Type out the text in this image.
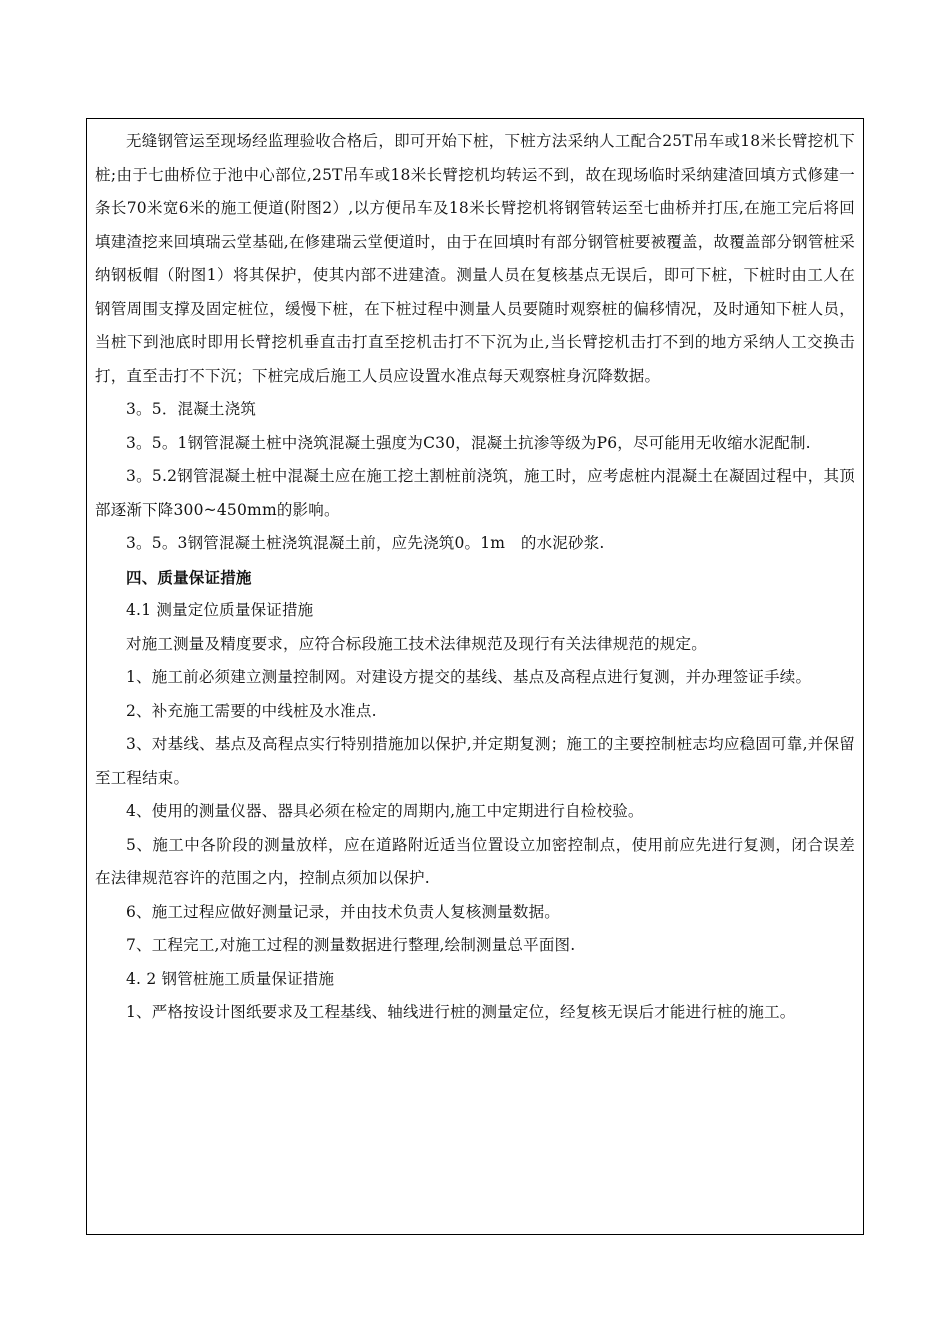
无缝钢管运至现场经监理验收合格后，即可开始下桩，下桩方法采纳人工配合25T吊车或18米长臂挖机下桩;由于七曲桥位于池中心部位,25T吊车或18米长臂挖机均转运不到，故在现场临时采纳建渣回填方式修建一条长70米宽6米的施工便道(附图2）,以方便吊车及18米长臂挖机将钢管转运至七曲桥并打压,在施工完后将回填建渣挖来回填瑞云堂基础,在修建瑞云堂便道时，由于在回填时有部分钢管桩要被覆盖，故覆盖部分钢管桩采纳钢板帽（附图1）将其保护，使其内部不进建渣。测量人员在复核基点无误后，即可下桩，下桩时由工人在钢管周围支撑及固定桩位，缓慢下桩，在下桩过程中测量人员要随时观察桩的偏移情况，及时通知下桩人员，当桩下到池底时即用长臂挖机垂直击打直至挖机击打不下沉为止,当长臂挖机击打不到的地方采纳人工交换击打，直至击打不下沉；下桩完成后施工人员应设置水准点每天观察桩身沉降数据。

3。5．混凝土浇筑

3。5。1钢管混凝土桩中浇筑混凝土强度为C30，混凝土抗渗等级为P6，尽可能用无收缩水泥配制.

3。5.2钢管混凝土桩中混凝土应在施工挖土割桩前浇筑，施工时，应考虑桩内混凝土在凝固过程中，其顶部逐渐下降300~450mm的影响。

3。5。3钢管混凝土桩浇筑混凝土前，应先浇筑0。1m　的水泥砂浆.

四、质量保证措施

4.1 测量定位质量保证措施

对施工测量及精度要求，应符合标段施工技术法律规范及现行有关法律规范的规定。

1、施工前必须建立测量控制网。对建设方提交的基线、基点及高程点进行复测，并办理签证手续。

2、补充施工需要的中线桩及水准点.

3、对基线、基点及高程点实行特别措施加以保护,并定期复测；施工的主要控制桩志均应稳固可靠,并保留至工程结束。

4、使用的测量仪器、器具必须在检定的周期内,施工中定期进行自检校验。

5、施工中各阶段的测量放样，应在道路附近适当位置设立加密控制点，使用前应先进行复测，闭合误差在法律规范容许的范围之内，控制点须加以保护.

6、施工过程应做好测量记录，并由技术负责人复核测量数据。

7、工程完工,对施工过程的测量数据进行整理,绘制测量总平面图.

4. 2 钢管桩施工质量保证措施

1、严格按设计图纸要求及工程基线、轴线进行桩的测量定位，经复核无误后才能进行桩的施工。
